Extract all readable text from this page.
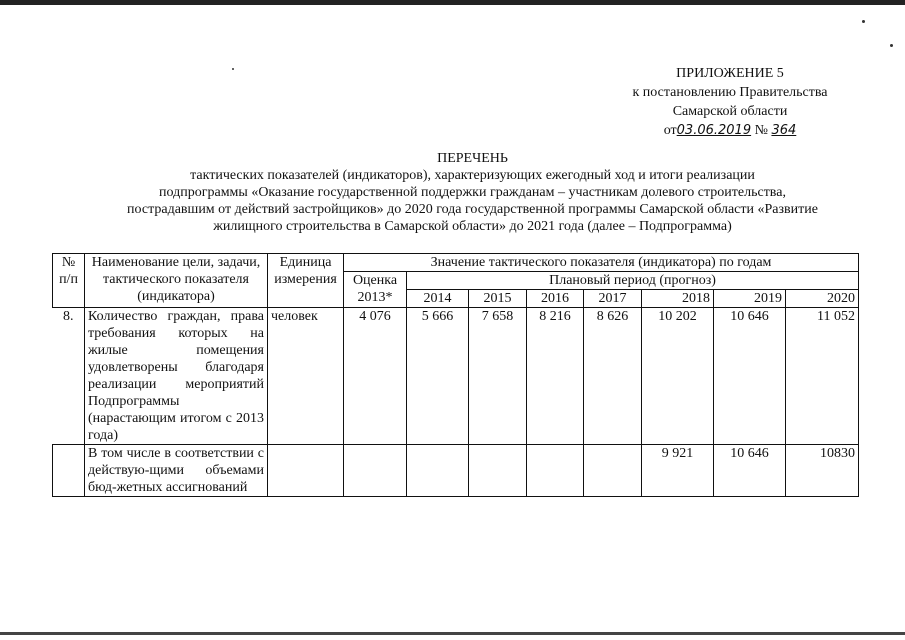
ПРИЛОЖЕНИЕ 5
к постановлению Правительства
Самарской области
от03.06.2019 № 364
ПЕРЕЧЕНЬ
тактических показателей (индикаторов), характеризующих ежегодный ход и итоги реализации
подпрограммы «Оказание государственной поддержки гражданам – участникам долевого строительства,
пострадавшим от действий застройщиков» до 2020 года государственной программы Самарской области «Развитие
жилищного строительства в Самарской области» до 2021 года (далее – Подпрограмма)
№ п/п	Наименование цели, задачи, тактического показателя (индикатора)	Единица измерения	Значение тактического показателя (индикатора) по годам							
			Оценка 2013*	Плановый период (прогноз)						
				2014	2015	2016	2017	2018	2019	2020
8.	Количество граждан, права требования которых на жилые помещения удовлетворены благодаря реализации мероприятий Подпрограммы (нарастающим итогом с 2013 года)	человек	4 076	5 666	7 658	8 216	8 626	10 202	10 646	11 052
	В том числе в соответствии с действую-щими объемами бюд-жетных ассигнований							9 921	10 646	10830
